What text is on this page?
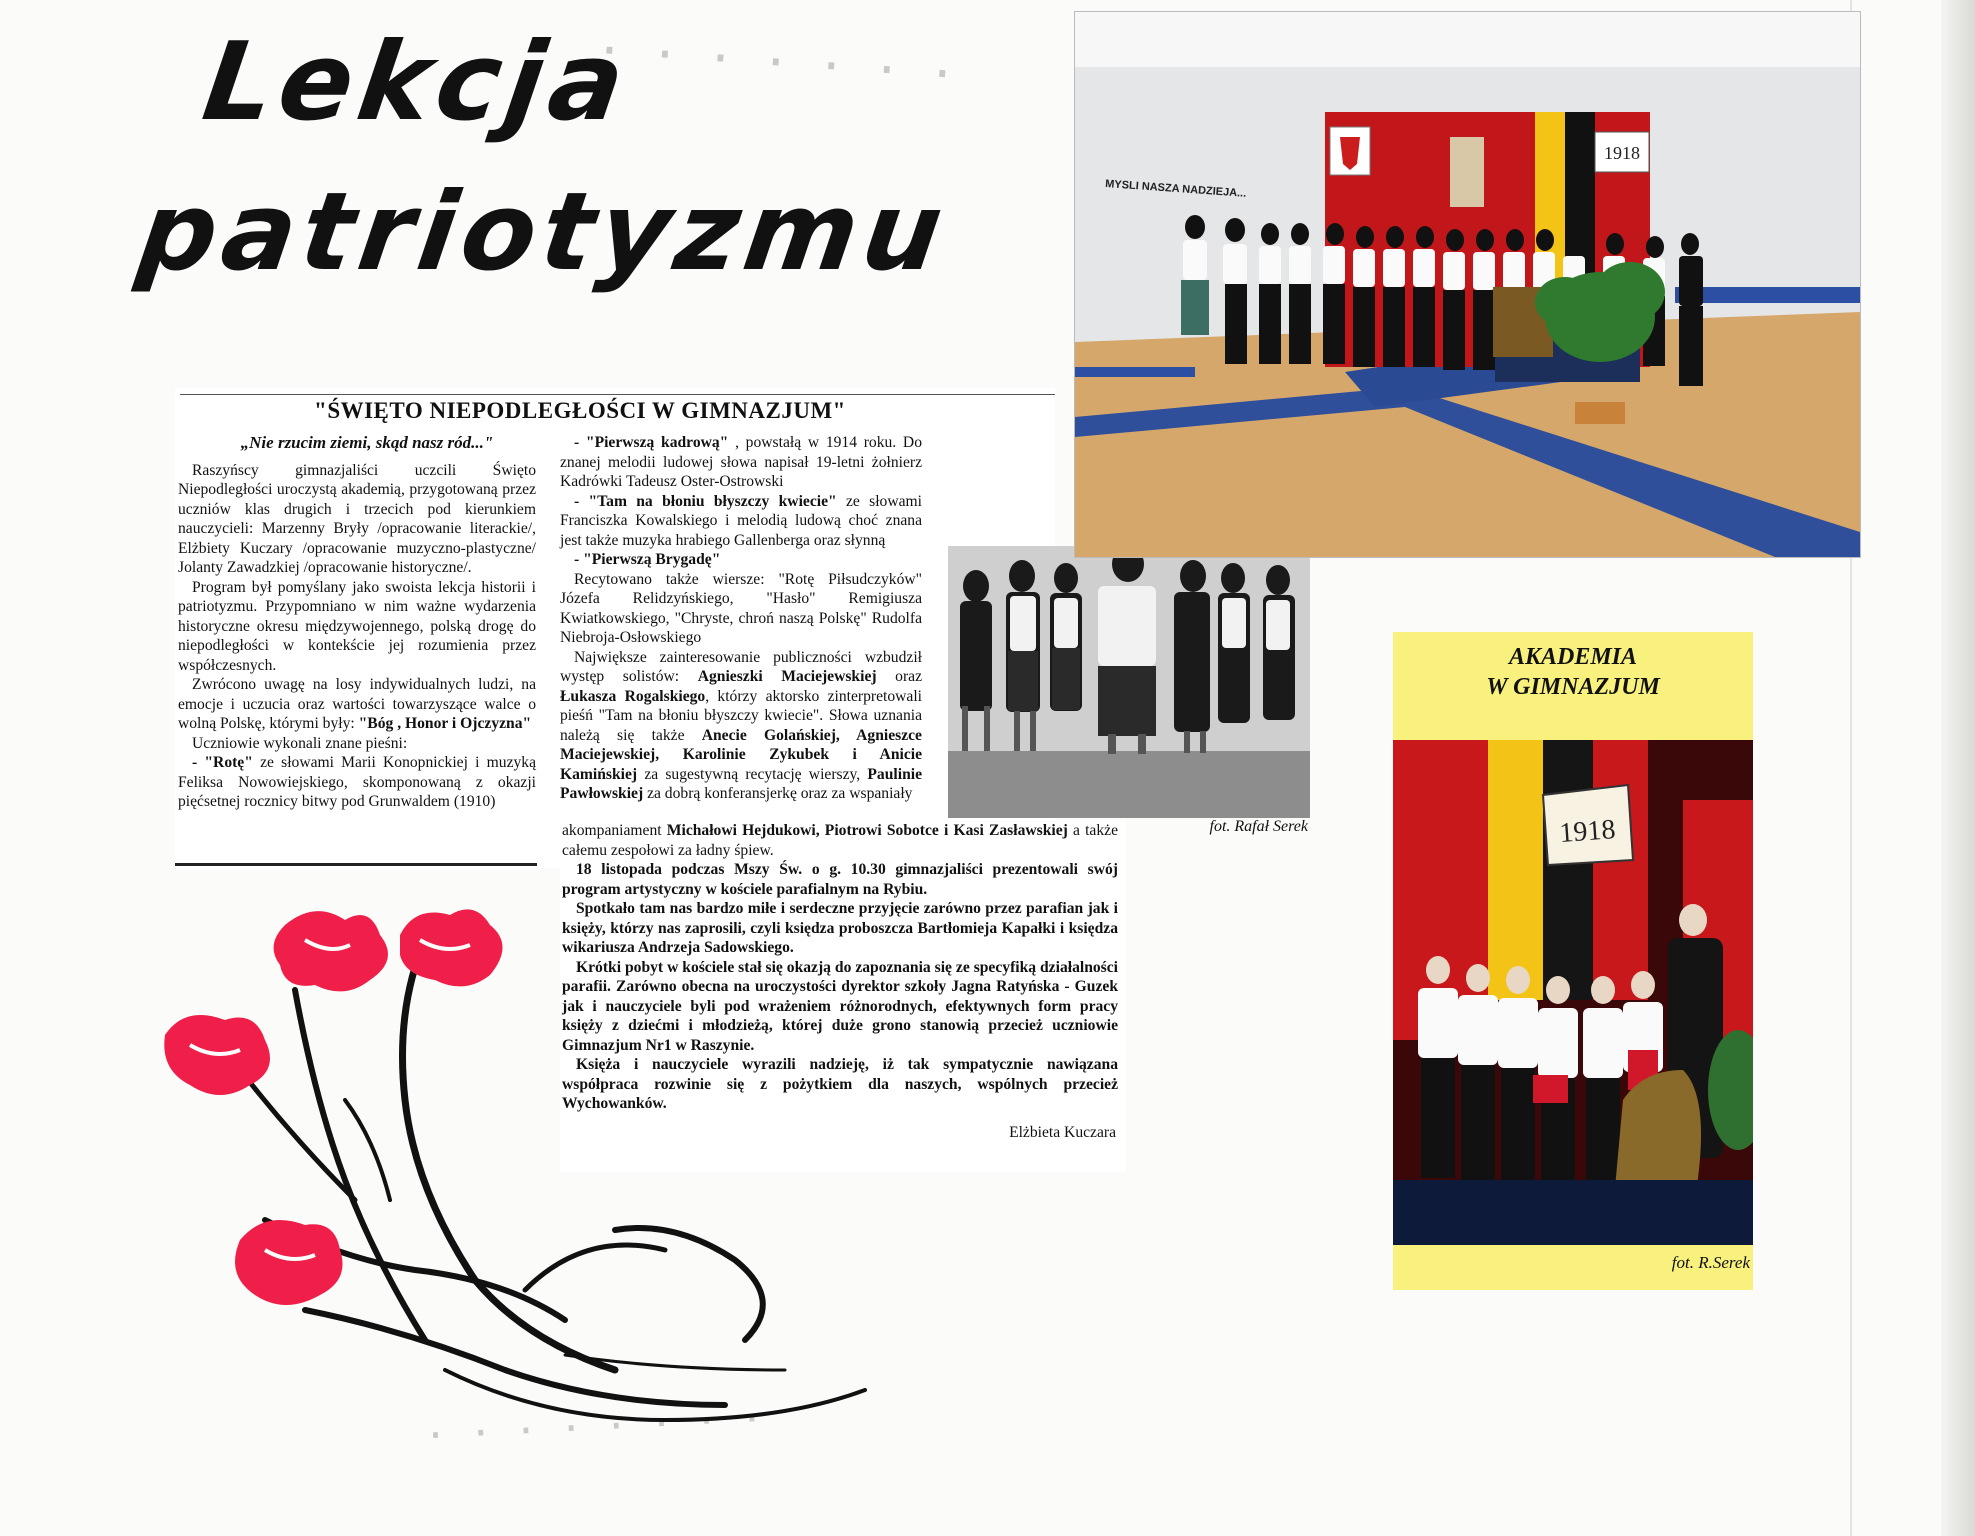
· · · · · · ·
· · · · · · · ·
Lekcja
patriotyzmu
"ŚWIĘTO NIEPODLEGŁOŚCI W GIMNAZJUM"
„Nie rzucim ziemi, skąd nasz ród..."

Raszyńscy gimnazjaliści uczcili Święto Niepodległości uroczystą akademią, przygotowaną przez uczniów klas drugich i trzecich pod kierunkiem nauczycieli: Marzenny Bryły /opracowanie literackie/, Elżbiety Kuczary /opracowanie muzyczno-plastyczne/ Jolanty Zawadzkiej /opracowanie historyczne/.

Program był pomyślany jako swoista lekcja historii i patriotyzmu. Przypomniano w nim ważne wydarzenia historyczne okresu międzywojennego, polską drogę do niepodległości w kontekście jej rozumienia przez współczesnych.

Zwrócono uwagę na losy indywidualnych ludzi, na emocje i uczucia oraz wartości towarzyszące walce o wolną Polskę, którymi były: "Bóg , Honor i Ojczyzna"

Uczniowie wykonali znane pieśni:

- "Rotę" ze słowami Marii Konopnickiej i muzyką Feliksa Nowowiejskiego, skomponowaną z okazji pięćsetnej rocznicy bitwy pod Grunwaldem (1910)

- "Pierwszą kadrową" , powstałą w 1914 roku. Do znanej melodii ludowej słowa napisał 19-letni żołnierz Kadrówki Tadeusz Oster-Ostrowski

- "Tam na błoniu błyszczy kwiecie" ze słowami Franciszka Kowalskiego i melodią ludową choć znana jest także muzyka hrabiego Gallenberga oraz słynną

- "Pierwszą Brygadę"

Recytowano także wiersze: "Rotę Piłsudczyków" Józefa Relidzyńskiego, "Hasło" Remigiusza Kwiatkowskiego, "Chryste, chroń naszą Polskę" Rudolfa Niebroja-Osłowskiego

Największe zainteresowanie publiczności wzbudził występ solistów: Agnieszki Maciejewskiej oraz Łukasza Rogalskiego, którzy aktorsko zinterpretowali pieśń "Tam na błoniu błyszczy kwiecie". Słowa uznania należą się także Anecie Golańskiej, Agnieszce Maciejewskiej, Karolinie Zykubek i Anicie Kamińskiej za sugestywną recytację wierszy, Paulinie Pawłowskiej za dobrą konferansjerkę oraz za wspaniały

akompaniament Michałowi Hejdukowi, Piotrowi Sobotce i Kasi Zasławskiej a także całemu zespołowi za ładny śpiew.

18 listopada podczas Mszy Św. o g. 10.30 gimnazjaliści prezentowali swój program artystyczny w kościele parafialnym na Rybiu.

Spotkało tam nas bardzo miłe i serdeczne przyjęcie zarówno przez parafian jak i księży, którzy nas zaprosili, czyli księdza proboszcza Bartłomieja Kapałki i księdza wikariusza Andrzeja Sadowskiego.

Krótki pobyt w kościele stał się okazją do zapoznania się ze specyfiką działalności parafii. Zarówno obecna na uroczystości dyrektor szkoły Jagna Ratyńska - Guzek jak i nauczyciele byli pod wrażeniem różnorodnych, efektywnych form pracy księży z dziećmi i młodzieżą, której duże grono stanowią przecież uczniowie Gimnazjum Nr1 w Raszynie.

Księża i nauczyciele wyrazili nadzieję, iż tak sympatycznie nawiązana współpraca rozwinie się z pożytkiem dla naszych, wspólnych przecież Wychowanków.

Elżbieta Kuczara
fot. Rafał Serek
1918
MYSLI NASZA NADZIEJA...
AKADEMIA
W GIMNAZJUM
1918
fot. R.Serek
